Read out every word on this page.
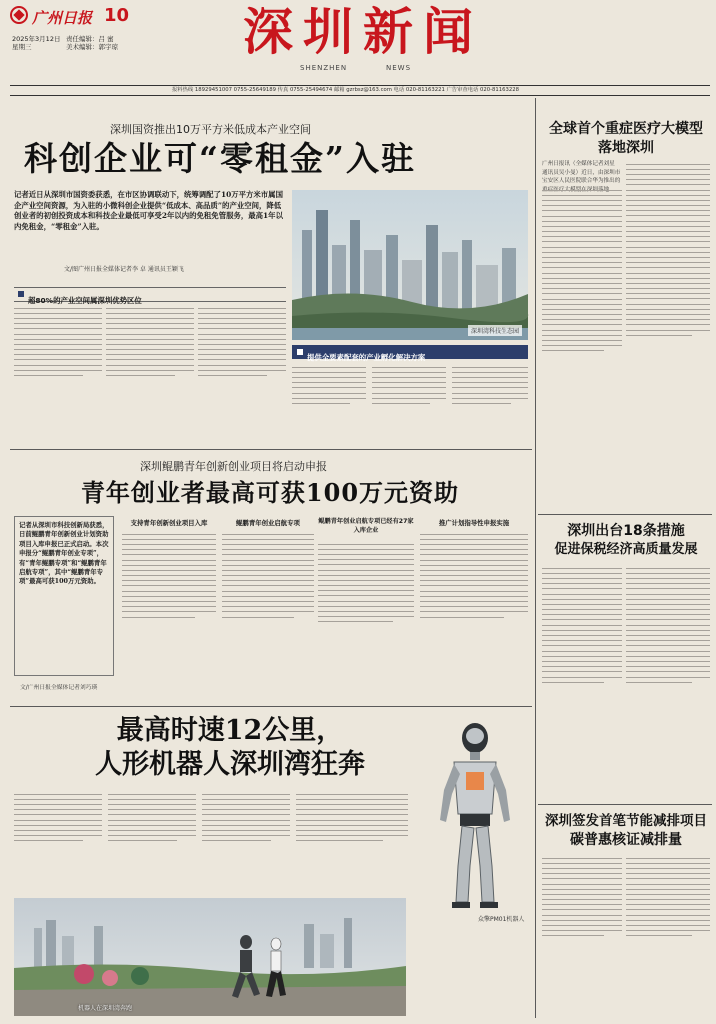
广州日报 10	深圳新闻
2025年3月12日
星期三
责任编辑：吕 蜜
美术编辑：郭宇琼
SHENZHEN	NEWS
报料热线 18929451007 0755-25649189 传真 0755-25494674 邮箱 gzrbsz@163.com 电话 020-81163221 广告审查电话 020-81163228
深圳国资推出10万平方米低成本产业空间
科创企业可“零租金”入驻
记者近日从深圳市国资委获悉，在市区协调联动下，统筹调配了10万平方米市属国企产业空间资源，为入驻的小微科创企业提供“低成本、高品质”的产业空间，降低创业者的初创投资成本和科技企业最低可享受2年以内的免租免管服务，最高1年以内免租金，“零租金”入驻。
文/图广州日报全媒体记者李 卓 通讯员王颖飞
超80%的产业空间属深圳优势区位
深圳湾科技生态园
提供全要素配套的产业孵化解决方案
深圳鲲鹏青年创新创业项目将启动申报
青年创业者最高可获100万元资助
记者从深圳市科技创新局获悉，日前鲲鹏青年创新创业计划资助项目入库申报已正式启动。本次申报分“鲲鹏青年创业专项”，有“青年鲲鹏专项”和“鲲鹏青年启航专项”，其中“鲲鹏青年专项”最高可获100万元资助。
文/广州日报全媒体记者刘巧瑛
支持青年创新创业项目入库	鲲鹏青年创业启航专项	鲲鹏青年创业启航专项已经有27家入库企业
推广计划指导性申报实施
最高时速12公里，
人形机器人深圳湾狂奔
众擎PM01机器人
机器人在深圳湾奔跑
全球首个重症医疗大模型
落地深圳
广州日报讯（全媒体记者刘星 通讯员吴小曼）近日，由深圳市宝安区人民医院联合华为推出的
深圳出台18条措施
促进保税经济高质量发展
深圳签发首笔节能减排项目
碳普惠核证减排量
